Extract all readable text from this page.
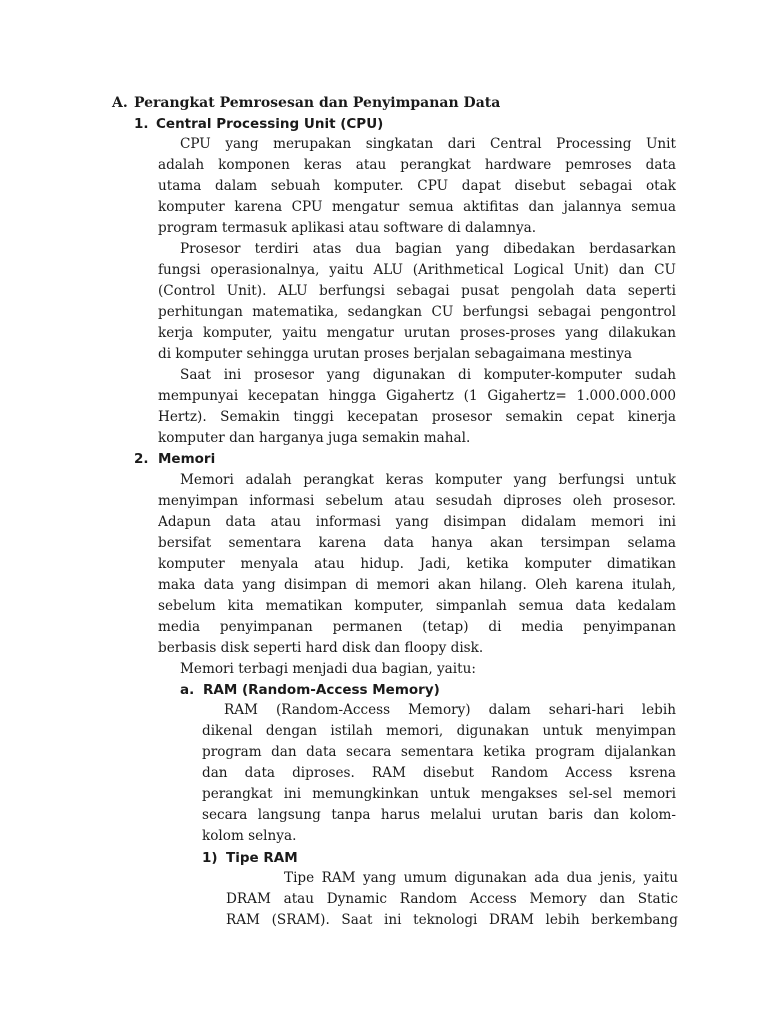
A. Perangkat Pemrosesan dan Penyimpanan Data
1. Central Processing Unit (CPU)
CPU yang merupakan singkatan dari Central Processing Unit
adalah komponen keras atau perangkat hardware pemroses data
utama dalam sebuah komputer. CPU dapat disebut sebagai otak
komputer karena CPU mengatur semua aktifitas dan jalannya semua
program termasuk aplikasi atau software di dalamnya.
Prosesor terdiri atas dua bagian yang dibedakan berdasarkan
fungsi operasionalnya, yaitu ALU (Arithmetical Logical Unit) dan CU
(Control Unit). ALU berfungsi sebagai pusat pengolah data seperti
perhitungan matematika, sedangkan CU berfungsi sebagai pengontrol
kerja komputer, yaitu mengatur urutan proses-proses yang dilakukan
di komputer sehingga urutan proses berjalan sebagaimana mestinya
Saat ini prosesor yang digunakan di komputer-komputer sudah
mempunyai kecepatan hingga Gigahertz (1 Gigahertz= 1.000.000.000
Hertz). Semakin tinggi kecepatan prosesor semakin cepat kinerja
komputer dan harganya juga semakin mahal.
2. Memori
Memori adalah perangkat keras komputer yang berfungsi untuk
menyimpan informasi sebelum atau sesudah diproses oleh prosesor.
Adapun data atau informasi yang disimpan didalam memori ini
bersifat sementara karena data hanya akan tersimpan selama
komputer menyala atau hidup. Jadi, ketika komputer dimatikan
maka data yang disimpan di memori akan hilang. Oleh karena itulah,
sebelum kita mematikan komputer, simpanlah semua data kedalam
media penyimpanan permanen (tetap) di media penyimpanan
berbasis disk seperti hard disk dan floopy disk.
Memori terbagi menjadi dua bagian, yaitu:
a. RAM (Random-Access Memory)
RAM (Random-Access Memory) dalam sehari-hari lebih
dikenal dengan istilah memori, digunakan untuk menyimpan
program dan data secara sementara ketika program dijalankan
dan data diproses. RAM disebut Random Access ksrena
perangkat ini memungkinkan untuk mengakses sel-sel memori
secara langsung tanpa harus melalui urutan baris dan kolom-
kolom selnya.
1) Tipe RAM
Tipe RAM yang umum digunakan ada dua jenis, yaitu
DRAM atau Dynamic Random Access Memory dan Static
RAM (SRAM). Saat ini teknologi DRAM lebih berkembang
